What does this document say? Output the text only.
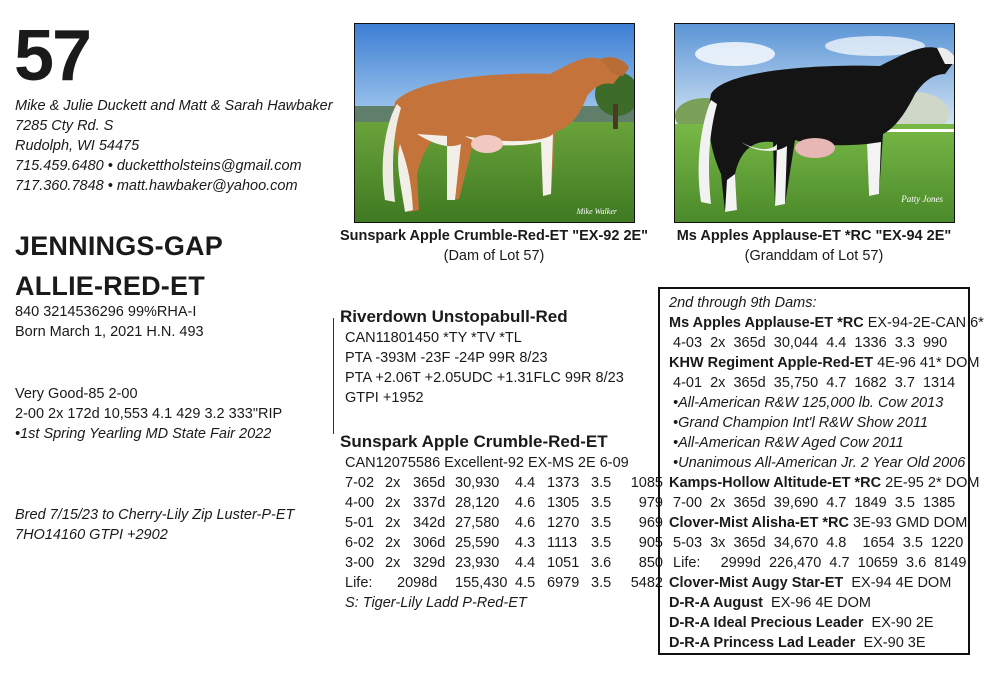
57
Mike & Julie Duckett and Matt & Sarah Hawbaker
7285 Cty Rd. S
Rudolph, WI 54475
715.459.6480 • duckettholsteins@gmail.com
717.360.7848 • matt.hawbaker@yahoo.com
JENNINGS-GAP
ALLIE-RED-ET
840 3214536296 99%RHA-I
Born March 1, 2021 H.N. 493
Very Good-85 2-00
2-00 2x 172d 10,553 4.1 429 3.2 333"RIP
•1st Spring Yearling MD State Fair 2022
Bred 7/15/23 to Cherry-Lily Zip Luster-P-ET
7HO14160 GTPI +2902
Mike Walker
Sunspark Apple Crumble-Red-ET "EX-92 2E"
(Dam of Lot 57)
Patty Jones
Ms Apples Applause-ET *RC "EX-94 2E"
(Granddam of Lot 57)
Riverdown Unstopabull-Red
CAN11801450 *TY *TV *TL
PTA -393M -23F -24P 99R 8/23
PTA +2.06T +2.05UDC +1.31FLC 99R 8/23
GTPI +1952
Sunspark Apple Crumble-Red-ET
CAN12075586 Excellent-92 EX-MS 2E 6-09
7-02	2x	365d	30,930	4.4	1373	3.5	1085
4-00	2x	337d	28,120	4.6	1305	3.5	979
5-01	2x	342d	27,580	4.6	1270	3.5	969
6-02	2x	306d	25,590	4.3	1113	3.5	905
3-00	2x	329d	23,930	4.4	1051	3.6	850
Life:	2098d		155,430	4.5	6979	3.5	5482
S: Tiger-Lily Ladd P-Red-ET
2nd through 9th Dams:
Ms Apples Applause-ET *RC EX-94-2E-CAN 6*
4-03  2x  365d  30,044  4.4  1336  3.3  990
KHW Regiment Apple-Red-ET 4E-96 41* DOM
4-01  2x  365d  35,750  4.7  1682  3.7  1314
•All-American R&W 125,000 lb. Cow 2013
•Grand Champion Int'l R&W Show 2011
•All-American R&W Aged Cow 2011
•Unanimous All-American Jr. 2 Year Old 2006
Kamps-Hollow Altitude-ET *RC 2E-95 2* DOM
7-00  2x  365d  39,690  4.7  1849  3.5  1385
Clover-Mist Alisha-ET *RC 3E-93 GMD DOM
5-03  3x  365d  34,670  4.8    1654  3.5  1220
Life:     2999d  226,470  4.7  10659  3.6  8149
Clover-Mist Augy Star-ET  EX-94 4E DOM
D-R-A August  EX-96 4E DOM
D-R-A Ideal Precious Leader  EX-90 2E
D-R-A Princess Lad Leader  EX-90 3E
